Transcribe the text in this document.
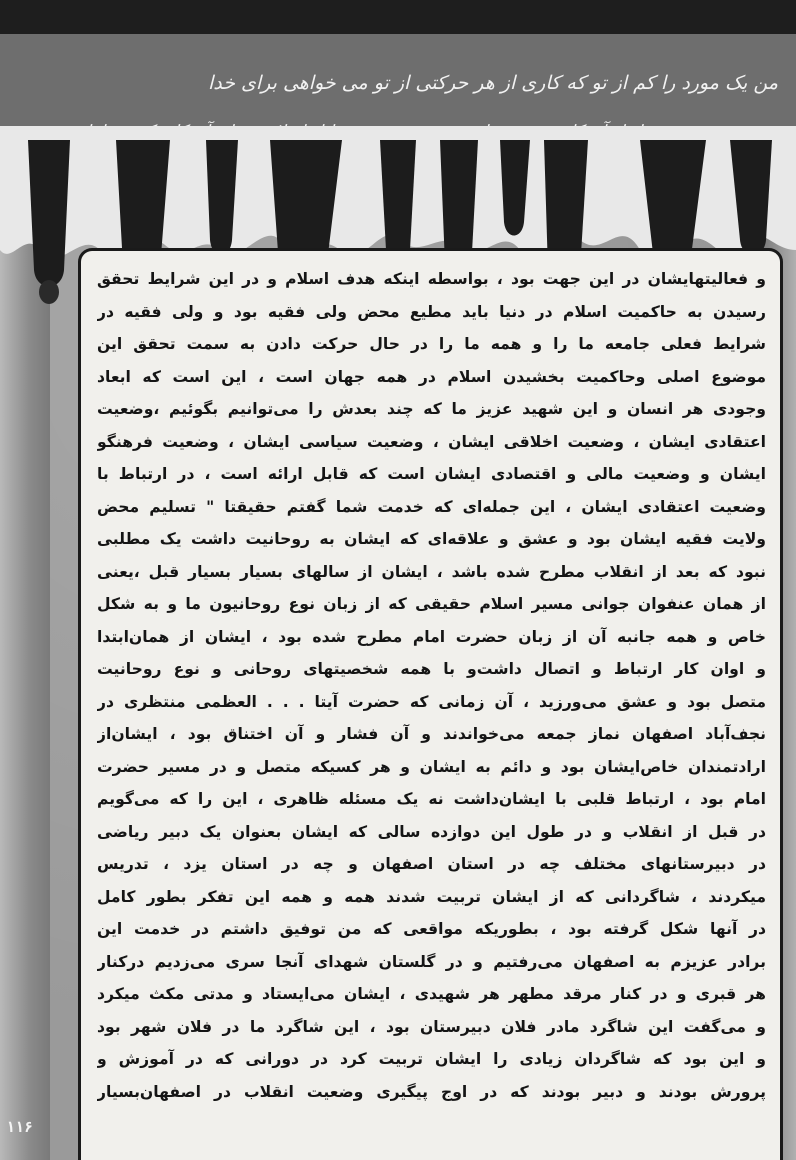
من یک مورد را کم از تو که کاری از هر حرکتی از تو می خواهی برای خدا
و فعالیتهایشان در این جهت بود ، بواسطه اینکه هدف اسلام و در این شرایط تحقق
رسیدن به حاکمیت اسلام در دنیا باید مطیع محض ولی فقیه بود و ولی فقیه در
شرایط فعلی جامعه ما را و همه ما را در حال حرکت دادن به سمت تحقق این
موضوع اصلی وحاکمیت بخشیدن اسلام در همه جهان است ، این است که ابعاد
وجودی هر انسان و این شهید عزیز ما که چند بعدش را می‌توانیم بگوئیم ،وضعیت
اعتقادی ایشان ، وضعیت اخلاقی ایشان ، وضعیت سیاسی ایشان ، وضعیت فرهنگو
ایشان و وضعیت مالی و اقتصادی ایشان است که قابل ارائه است ، در ارتباط با
وضعیت اعتقادی ایشان ، این جمله‌ای که خدمت شما گفتم حقیقتا " تسلیم محض
ولایت فقیه ایشان بود و عشق و علاقه‌ای که ایشان به روحانیت داشت یک مطلبی
نبود که بعد از انقلاب مطرح شده باشد ، ایشان از سالهای بسیار بسیار قبل ،یعنی
از همان عنفوان جوانی مسیر اسلام حقیقی که از زبان نوع روحانیون ما و به شکل
خاص و همه جانبه آن از زبان حضرت امام مطرح شده بود ، ایشان از همان‌ابتدا
و اوان کار ارتباط و اتصال داشت‌و با همه شخصیتهای روحانی و نوع روحانیت
متصل بود و عشق می‌ورزید ، آن زمانی که حضرت آیتا . . . العظمی منتظری در
نجف‌آباد اصفهان نماز جمعه می‌خواندند و آن فشار و آن اختناق بود ، ایشان‌از
ارادتمندان خاص‌ایشان بود و دائم به ایشان و هر کسیکه متصل و در مسیر حضرت
امام بود ، ارتباط قلبی با ایشان‌داشت نه یک مسئله ظاهری ، این را که می‌گویم
در قبل از انقلاب و در طول این دوازده سالی که ایشان بعنوان یک دبیر ریاضی
در دبیرستانهای مختلف چه در استان اصفهان و چه در استان یزد ، تدریس
میکردند ، شاگردانی که از ایشان تربیت شدند همه و همه این تفکر بطور کامل
در آنها شکل گرفته بود ، بطوریکه مواقعی که من توفیق داشتم در خدمت این
برادر عزیزم به اصفهان می‌رفتیم و در گلستان شهدای آنجا سری می‌زدیم درکنار
هر قبری و در کنار مرقد مطهر هر شهیدی ، ایشان می‌ایستاد و مدتی مکث میکرد
و می‌گفت این شاگرد مادر فلان دبیرستان بود ، این شاگرد ما در فلان شهر بود
و این بود که شاگردان زیادی را ایشان تربیت کرد در دورانی که در آموزش و
پرورش بودند و دبیر بودند که در اوج پیگیری وضعیت انقلاب در اصفهان‌بسیار
۱۱۶
